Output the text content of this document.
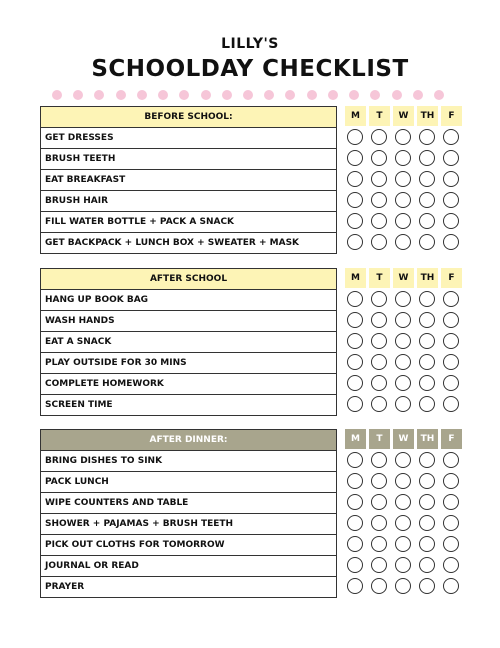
LILLY'S
SCHOOLDAY CHECKLIST
BEFORE SCHOOL:	M	T	W	TH	F
GET DRESSES
BRUSH TEETH
EAT BREAKFAST
BRUSH HAIR
FILL WATER BOTTLE + PACK A SNACK
GET BACKPACK + LUNCH BOX + SWEATER + MASK
AFTER SCHOOL	M	T	W	TH	F
HANG UP BOOK BAG
WASH HANDS
EAT A SNACK
PLAY OUTSIDE FOR 30 MINS
COMPLETE HOMEWORK
SCREEN TIME
AFTER DINNER:	M	T	W	TH	F
BRING DISHES TO SINK
PACK LUNCH
WIPE COUNTERS AND TABLE
SHOWER + PAJAMAS + BRUSH TEETH
PICK OUT CLOTHS FOR TOMORROW
JOURNAL OR READ
PRAYER
